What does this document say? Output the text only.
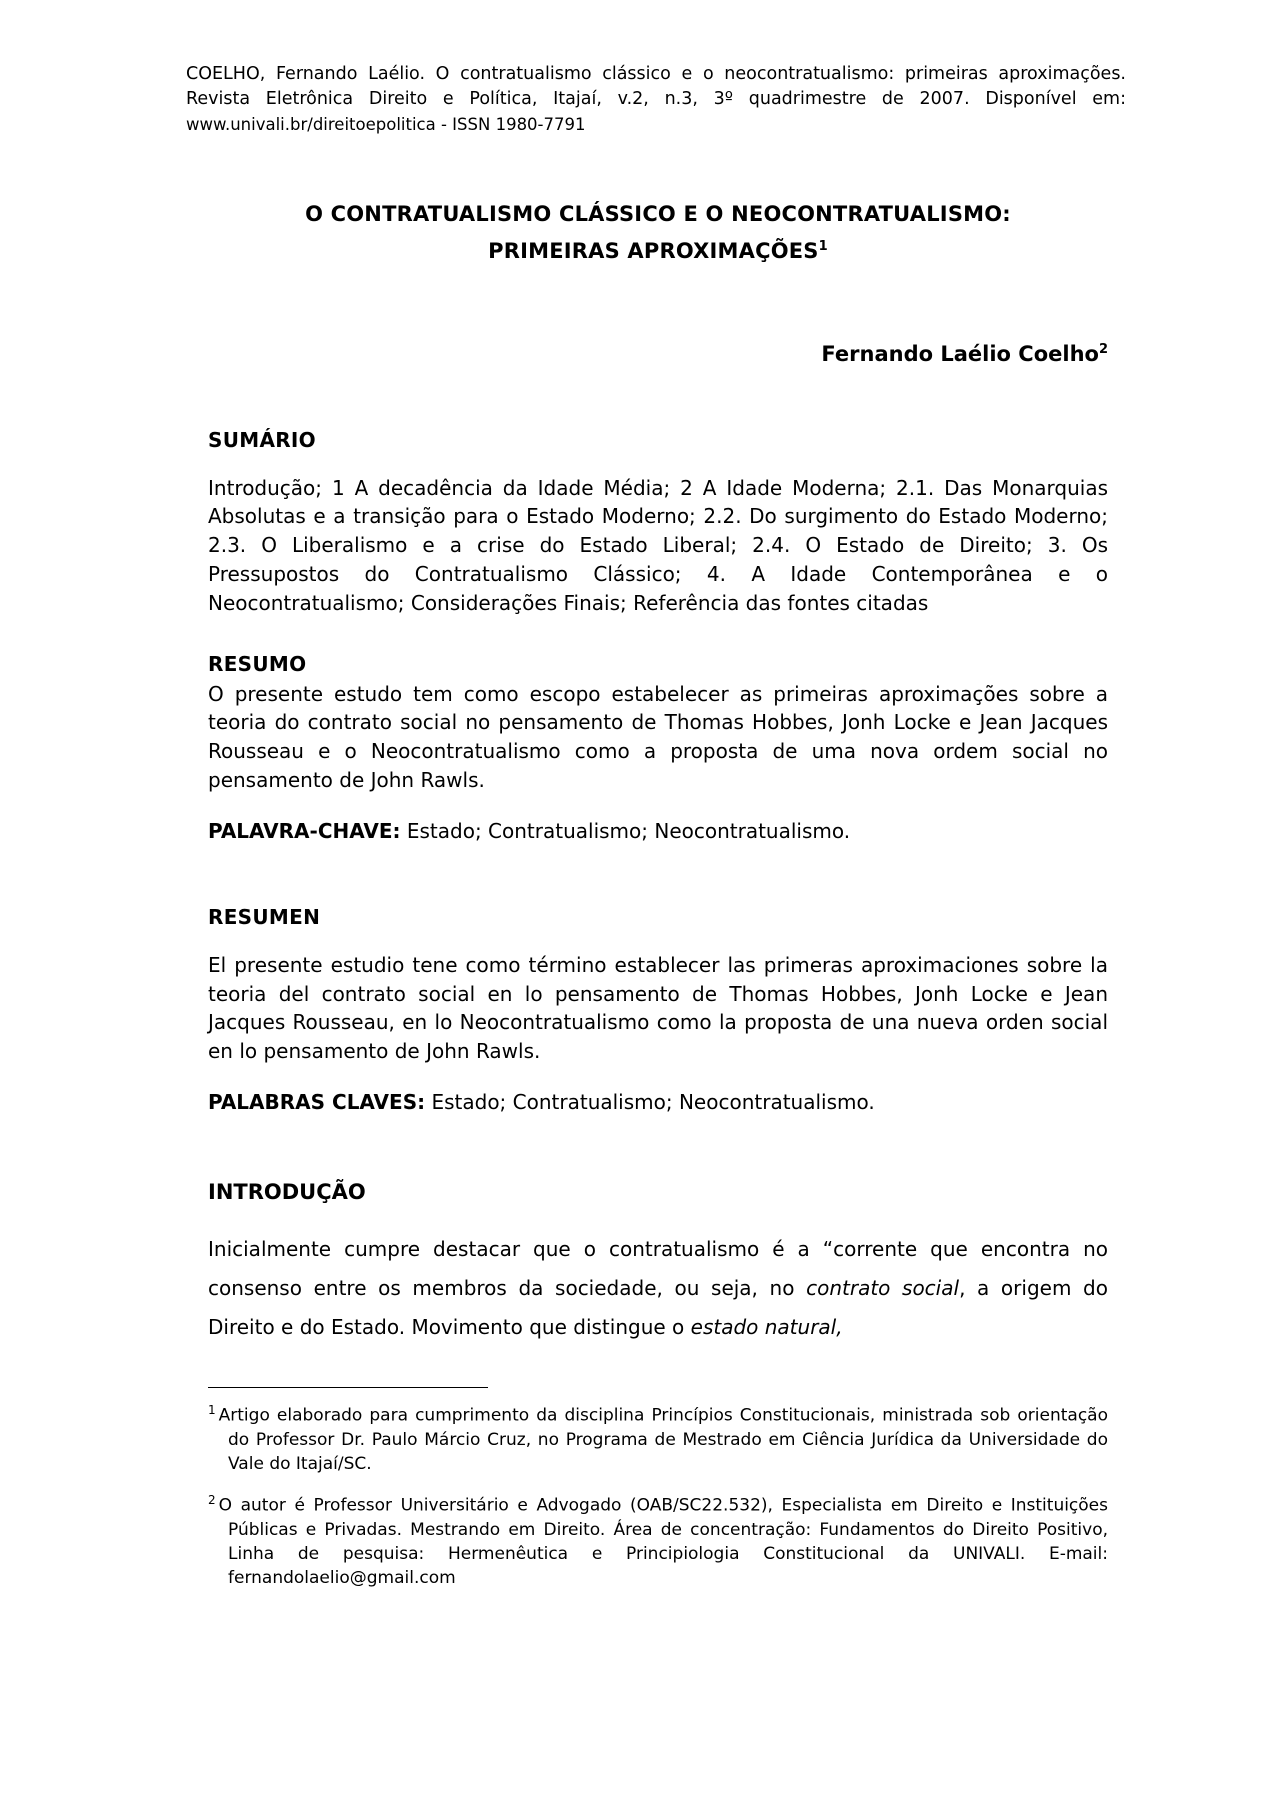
COELHO, Fernando Laélio. O contratualismo clássico e o neocontratualismo: primeiras aproximações. Revista Eletrônica Direito e Política, Itajaí, v.2, n.3, 3º quadrimestre de 2007. Disponível em: www.univali.br/direitoepolitica - ISSN 1980-7791
O CONTRATUALISMO CLÁSSICO E O NEOCONTRATUALISMO:
PRIMEIRAS APROXIMAÇÕES$^1$
Fernando Laélio Coelho$^2$
SUMÁRIO

Introdução; 1 A decadência da Idade Média; 2 A Idade Moderna; 2.1. Das Monarquias Absolutas e a transição para o Estado Moderno; 2.2. Do surgimento do Estado Moderno; 2.3. O Liberalismo e a crise do Estado Liberal; 2.4. O Estado de Direito; 3. Os Pressupostos do Contratualismo Clássico; 4. A Idade Contemporânea e o Neocontratualismo; Considerações Finais; Referência das fontes citadas

RESUMO

O presente estudo tem como escopo estabelecer as primeiras aproximações sobre a teoria do contrato social no pensamento de Thomas Hobbes, Jonh Locke e Jean Jacques Rousseau e o Neocontratualismo como a proposta de uma nova ordem social no pensamento de John Rawls.

PALAVRA-CHAVE: Estado; Contratualismo; Neocontratualismo.

RESUMEN

El presente estudio tene como término establecer las primeras aproximaciones sobre la teoria del contrato social en lo pensamento de Thomas Hobbes, Jonh Locke e Jean Jacques Rousseau, en lo Neocontratualismo como la proposta de una nueva orden social en lo pensamento de John Rawls.

PALABRAS CLAVES: Estado; Contratualismo; Neocontratualismo.

INTRODUÇÃO

Inicialmente cumpre destacar que o contratualismo é a “corrente que encontra no consenso entre os membros da sociedade, ou seja, no contrato social, a origem do Direito e do Estado. Movimento que distingue o estado natural,

$^1$ Artigo elaborado para cumprimento da disciplina Princípios Constitucionais, ministrada sob orientação do Professor Dr. Paulo Márcio Cruz, no Programa de Mestrado em Ciência Jurídica da Universidade do Vale do Itajaí/SC.

$^2$ O autor é Professor Universitário e Advogado (OAB/SC22.532), Especialista em Direito e Instituições Públicas e Privadas. Mestrando em Direito. Área de concentração: Fundamentos do Direito Positivo, Linha de pesquisa: Hermenêutica e Principiologia Constitucional da UNIVALI. E-mail: fernandolaelio@gmail.com
